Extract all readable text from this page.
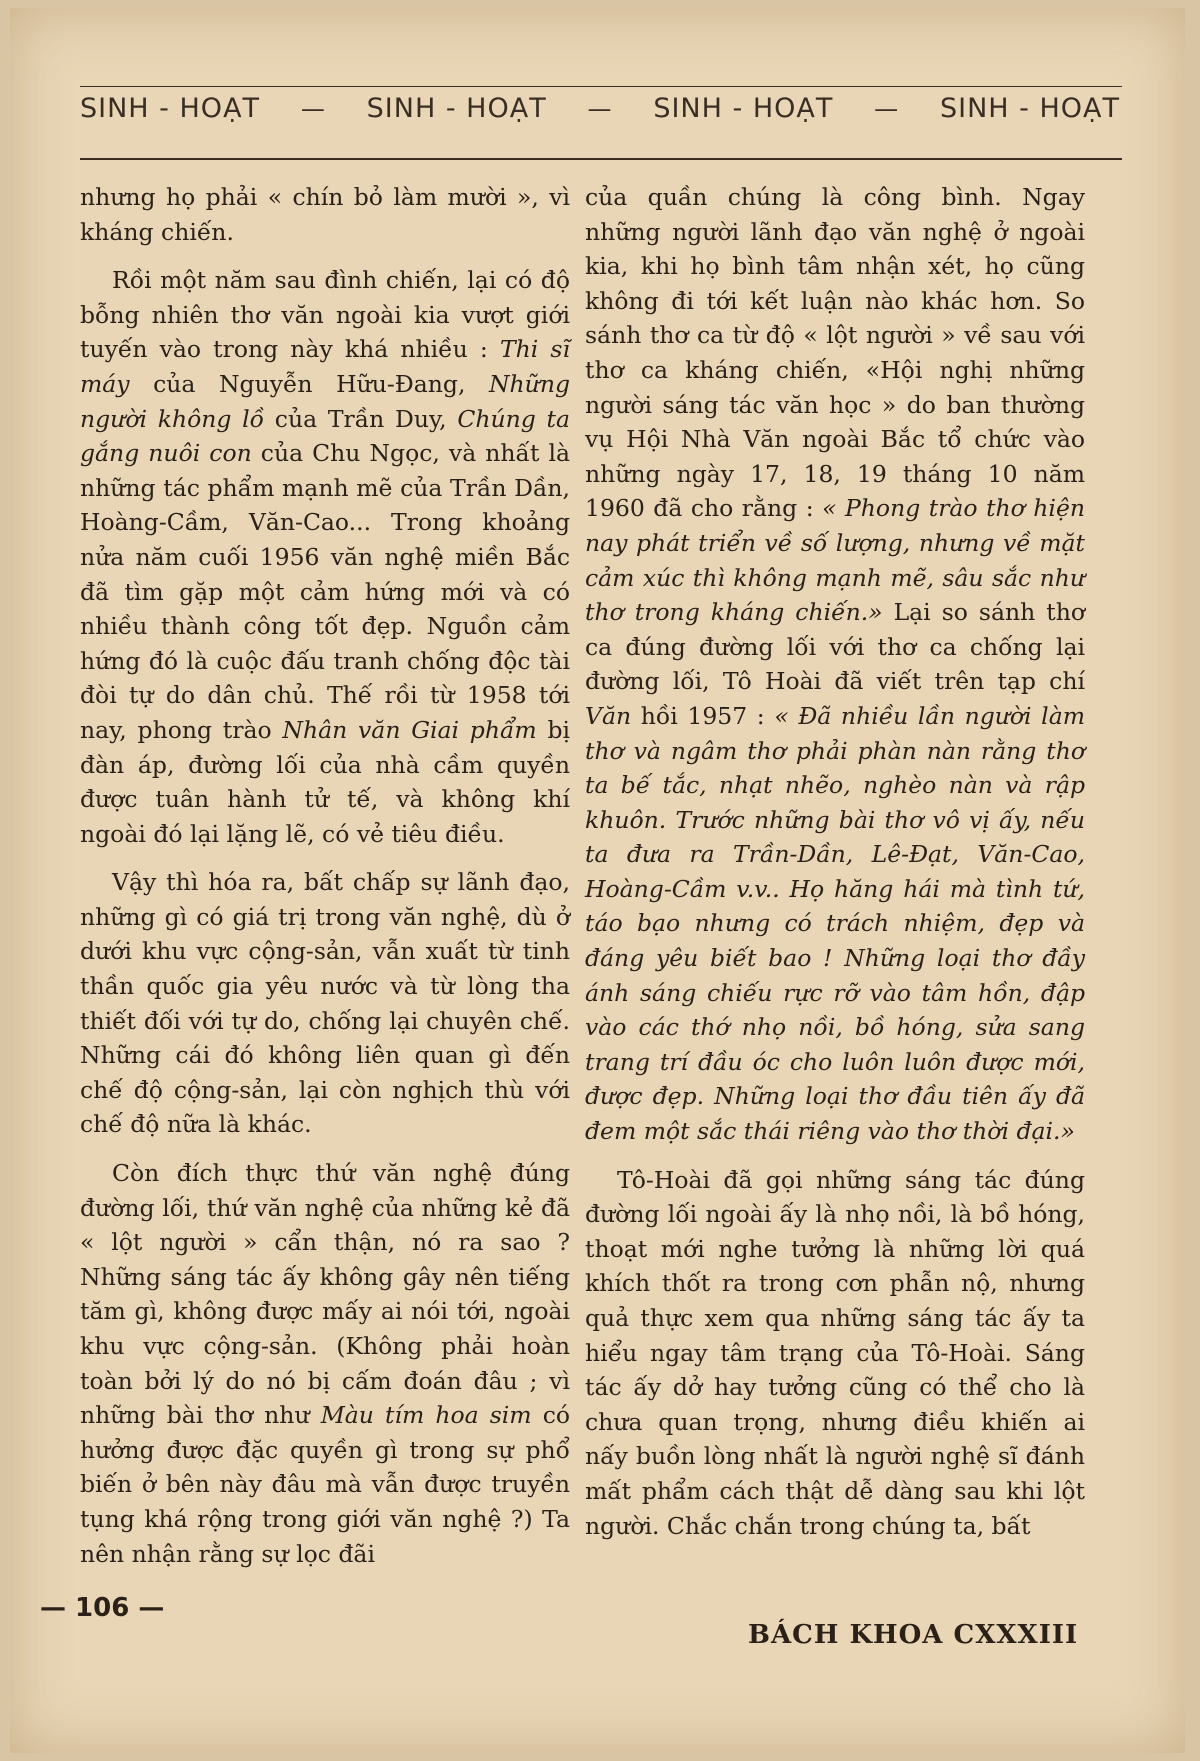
SINH - HOẠT — SINH - HOẠT — SINH - HOẠT — SINH - HOẠT

nhưng họ phải « chín bỏ làm mười », vì kháng chiến.

Rồi một năm sau đình chiến, lại có độ bỗng nhiên thơ văn ngoài kia vượt giới tuyến vào trong này khá nhiều : Thi sĩ máy của Nguyễn Hữu-Đang, Những người không lồ của Trần Duy, Chúng ta gắng nuôi con của Chu Ngọc, và nhất là những tác phẩm mạnh mẽ của Trần Dần, Hoàng-Cầm, Văn-Cao... Trong khoảng nửa năm cuối 1956 văn nghệ miền Bắc đã tìm gặp một cảm hứng mới và có nhiều thành công tốt đẹp. Nguồn cảm hứng đó là cuộc đấu tranh chống độc tài đòi tự do dân chủ. Thế rồi từ 1958 tới nay, phong trào Nhân văn Giai phẩm bị đàn áp, đường lối của nhà cầm quyền được tuân hành tử tế, và không khí ngoài đó lại lặng lẽ, có vẻ tiêu điều.

Vậy thì hóa ra, bất chấp sự lãnh đạo, những gì có giá trị trong văn nghệ, dù ở dưới khu vực cộng-sản, vẫn xuất từ tinh thần quốc gia yêu nước và từ lòng tha thiết đối với tự do, chống lại chuyên chế. Những cái đó không liên quan gì đến chế độ cộng-sản, lại còn nghịch thù với chế độ nữa là khác.

Còn đích thực thứ văn nghệ đúng đường lối, thứ văn nghệ của những kẻ đã « lột người » cẩn thận, nó ra sao ? Những sáng tác ấy không gây nên tiếng tăm gì, không được mấy ai nói tới, ngoài khu vực cộng-sản. (Không phải hoàn toàn bởi lý do nó bị cấm đoán đâu ; vì những bài thơ như Màu tím hoa sim có hưởng được đặc quyền gì trong sự phổ biến ở bên này đâu mà vẫn được truyền tụng khá rộng trong giới văn nghệ ?) Ta nên nhận rằng sự lọc đãi

của quần chúng là công bình. Ngay những người lãnh đạo văn nghệ ở ngoài kia, khi họ bình tâm nhận xét, họ cũng không đi tới kết luận nào khác hơn. So sánh thơ ca từ độ « lột người » về sau với thơ ca kháng chiến, «Hội nghị những người sáng tác văn học » do ban thường vụ Hội Nhà Văn ngoài Bắc tổ chức vào những ngày 17, 18, 19 tháng 10 năm 1960 đã cho rằng : « Phong trào thơ hiện nay phát triển về số lượng, nhưng về mặt cảm xúc thì không mạnh mẽ, sâu sắc như thơ trong kháng chiến.» Lại so sánh thơ ca đúng đường lối với thơ ca chống lại đường lối, Tô Hoài đã viết trên tạp chí Văn hồi 1957 : « Đã nhiều lần người làm thơ và ngâm thơ phải phàn nàn rằng thơ ta bế tắc, nhạt nhẽo, nghèo nàn và rập khuôn. Trước những bài thơ vô vị ấy, nếu ta đưa ra Trần-Dần, Lê-Đạt, Văn-Cao, Hoàng-Cầm v.v.. Họ hăng hái mà tình tứ, táo bạo nhưng có trách nhiệm, đẹp và đáng yêu biết bao ! Những loại thơ đầy ánh sáng chiếu rực rỡ vào tâm hồn, đập vào các thớ nhọ nồi, bồ hóng, sửa sang trang trí đầu óc cho luôn luôn được mới, được đẹp. Những loại thơ đầu tiên ấy đã đem một sắc thái riêng vào thơ thời đại.»

Tô-Hoài đã gọi những sáng tác đúng đường lối ngoài ấy là nhọ nồi, là bồ hóng, thoạt mới nghe tưởng là những lời quá khích thốt ra trong cơn phẫn nộ, nhưng quả thực xem qua những sáng tác ấy ta hiểu ngay tâm trạng của Tô-Hoài. Sáng tác ấy dở hay tưởng cũng có thể cho là chưa quan trọng, nhưng điều khiến ai nấy buồn lòng nhất là người nghệ sĩ đánh mất phẩm cách thật dễ dàng sau khi lột người. Chắc chắn trong chúng ta, bất

— 106 —
BÁCH KHOA CXXXIII
